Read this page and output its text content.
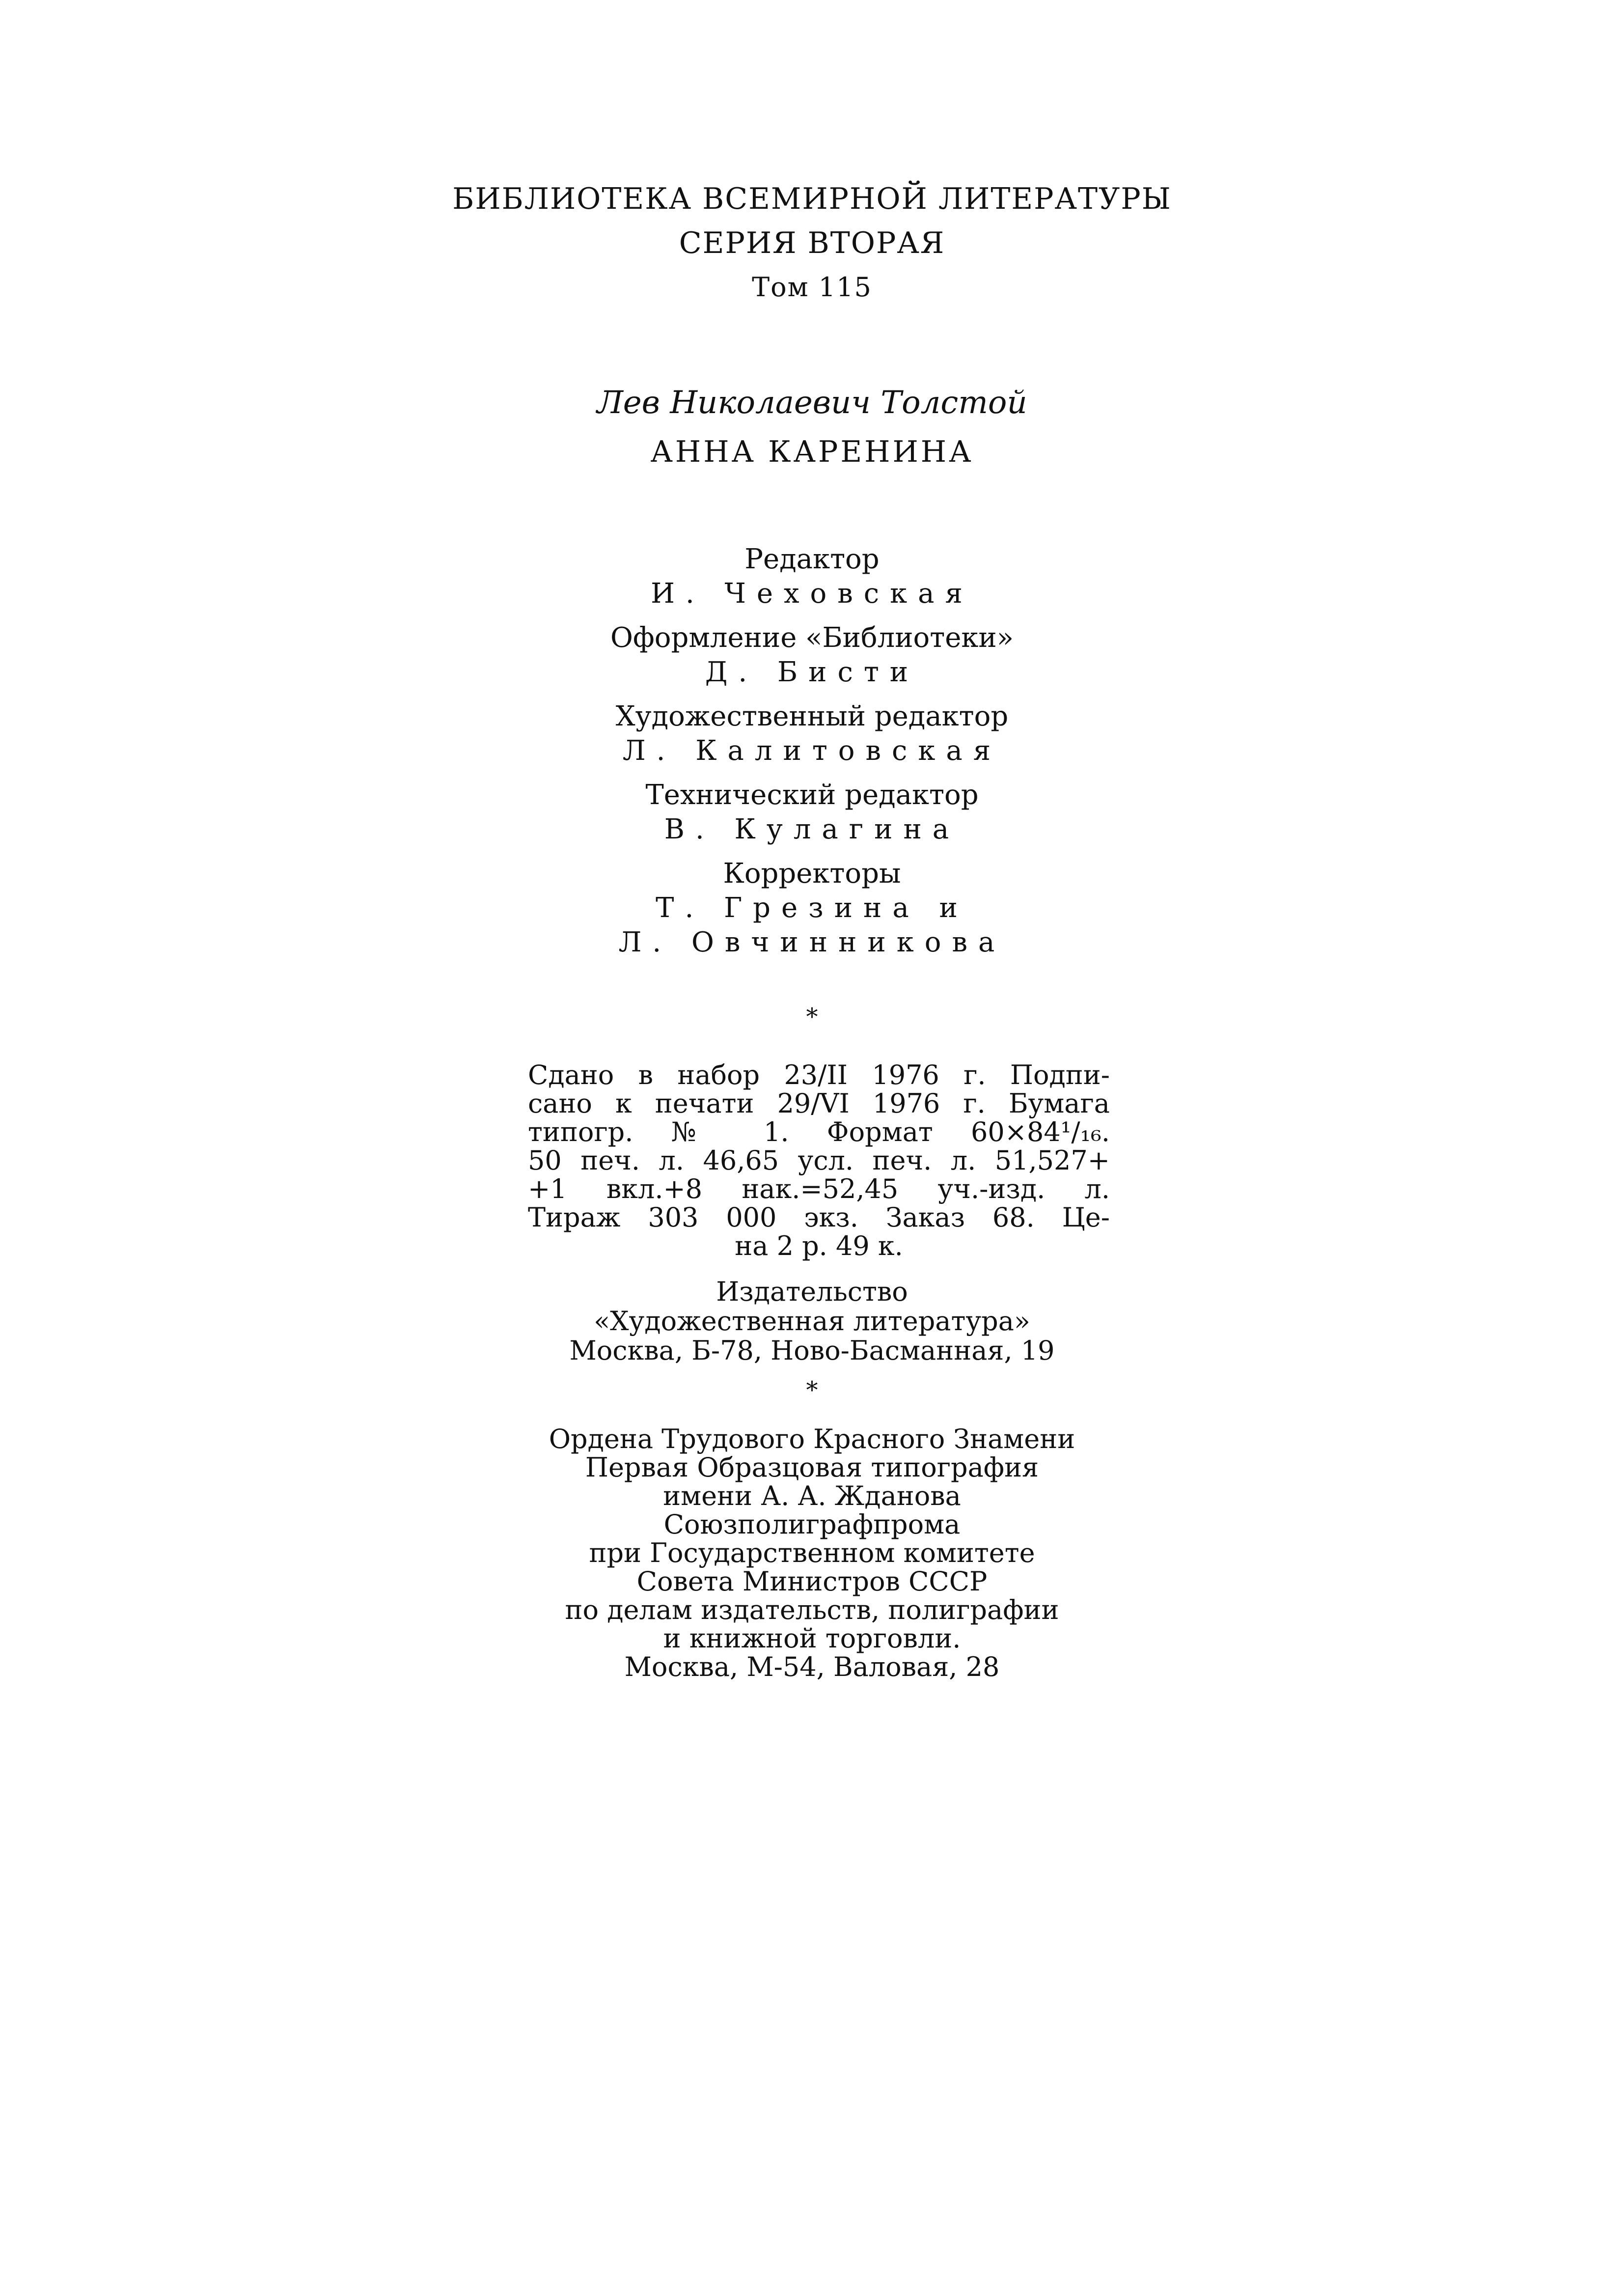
БИБЛИОТЕКА ВСЕМИРНОЙ ЛИТЕРАТУРЫ
СЕРИЯ ВТОРАЯ
Том 115
Лев Николаевич Толстой
АННА КАРЕНИНА
Редактор
И. Чеховская
Оформление «Библиотеки»
Д. Бисти
Художественный редактор
Л. Калитовская
Технический редактор
В. Кулагина
Корректоры
Т. Грезина и
Л. Овчинникова
*
Сдано в набор 23/II 1976 г. Подпи-
сано к печати 29/VI 1976 г. Бумага
типогр. № 1. Формат 60×84¹/₁₆.
50 печ. л. 46,65 усл. печ. л. 51,527+
+1 вкл.+8 нак.=52,45 уч.-изд. л.
Тираж 303 000 экз. Заказ 68. Це-
на 2 р. 49 к.
Издательство
«Художественная литература»
Москва, Б-78, Ново-Басманная, 19
*
Ордена Трудового Красного Знамени
Первая Образцовая типография
имени А. А. Жданова
Союзполиграфпрома
при Государственном комитете
Совета Министров СССР
по делам издательств, полиграфии
и книжной торговли.
Москва, М-54, Валовая, 28
